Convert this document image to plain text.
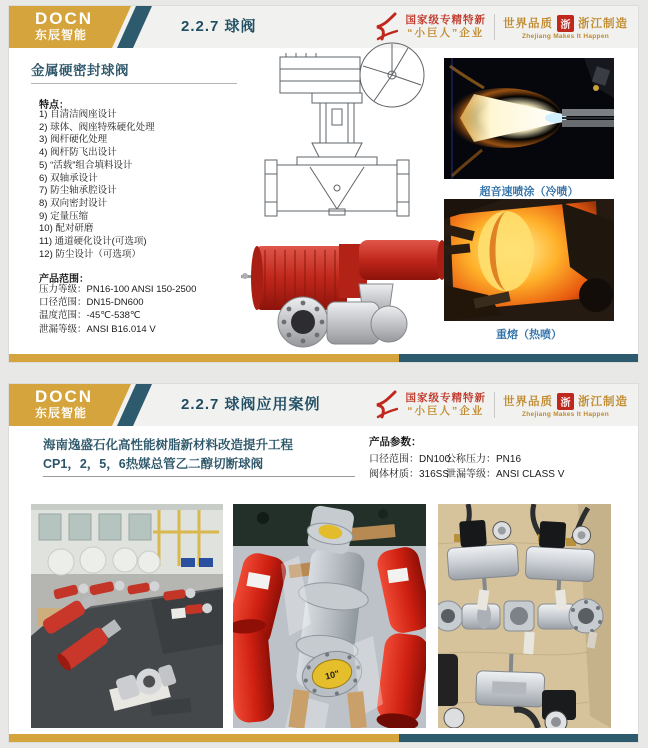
DOCN
东辰智能	2.2.7 球阀	国家级专精特新
“小巨人”企业
世界品质 浙 浙江制造
Zhejiang Makes It Happen
金属硬密封球阀
特点：
1) 自清洁阀座设计
2) 球体、阀座特殊硬化处理
3) 阀杆硬化处理
4) 阀杆防飞出设计
5) “活载”组合填料设计
6) 双轴承设计
7) 防尘轴承腔设计
8) 双向密封设计
9) 定量压缩
10) 配对研磨
11) 通道硬化设计(可选项)
12) 防尘设计（可选项）
产品范围：
压力等级：PN16-100 ANSI 150-2500
口径范围：DN15-DN600
温度范围：-45℃-538℃
泄漏等级：ANSI B16.014 V
超音速喷涂（冷喷）
重熔（热喷）
DOCN
东辰智能	2.2.7 球阀应用案例	国家级专精特新
“小巨人”企业
世界品质 浙 浙江制造
Zhejiang Makes It Happen
海南逸盛石化高性能树脂新材料改造提升工程
CP1，2，5，6热媒总管乙二醇切断球阀
产品参数：
口径范围：DN100
公称压力：PN16
阀体材质：316SS
泄漏等级：ANSI CLASS V
10"
